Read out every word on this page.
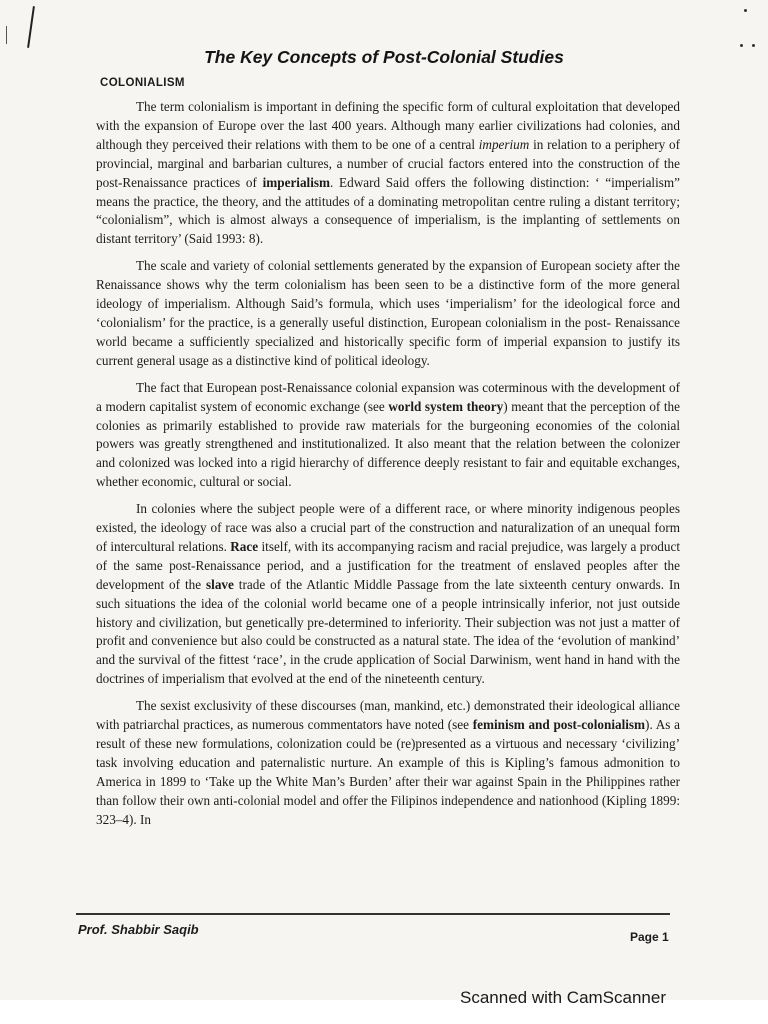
The Key Concepts of Post-Colonial Studies
COLONIALISM

The term colonialism is important in defining the specific form of cultural exploitation that developed with the expansion of Europe over the last 400 years. Although many earlier civilizations had colonies, and although they perceived their relations with them to be one of a central imperium in relation to a periphery of provincial, marginal and barbarian cultures, a number of crucial factors entered into the construction of the post-Renaissance practices of imperialism. Edward Said offers the following distinction: ‘ “imperialism” means the practice, the theory, and the attitudes of a dominating metropolitan centre ruling a distant territory; “colonialism”, which is almost always a consequence of imperialism, is the implanting of settlements on distant territory’ (Said 1993: 8).

The scale and variety of colonial settlements generated by the expansion of European society after the Renaissance shows why the term colonialism has been seen to be a distinctive form of the more general ideology of imperialism. Although Said’s formula, which uses ‘imperialism’ for the ideological force and ‘colonialism’ for the practice, is a generally useful distinction, European colonialism in the post- Renaissance world became a sufficiently specialized and historically specific form of imperial expansion to justify its current general usage as a distinctive kind of political ideology.

The fact that European post-Renaissance colonial expansion was coterminous with the development of a modern capitalist system of economic exchange (see world system theory) meant that the perception of the colonies as primarily established to provide raw materials for the burgeoning economies of the colonial powers was greatly strengthened and institutionalized. It also meant that the relation between the colonizer and colonized was locked into a rigid hierarchy of difference deeply resistant to fair and equitable exchanges, whether economic, cultural or social.

In colonies where the subject people were of a different race, or where minority indigenous peoples existed, the ideology of race was also a crucial part of the construction and naturalization of an unequal form of intercultural relations. Race itself, with its accompanying racism and racial prejudice, was largely a product of the same post-Renaissance period, and a justification for the treatment of enslaved peoples after the development of the slave trade of the Atlantic Middle Passage from the late sixteenth century onwards. In such situations the idea of the colonial world became one of a people intrinsically inferior, not just outside history and civilization, but genetically pre-determined to inferiority. Their subjection was not just a matter of profit and convenience but also could be constructed as a natural state. The idea of the ‘evolution of mankind’ and the survival of the fittest ‘race’, in the crude application of Social Darwinism, went hand in hand with the doctrines of imperialism that evolved at the end of the nineteenth century.

The sexist exclusivity of these discourses (man, mankind, etc.) demonstrated their ideological alliance with patriarchal practices, as numerous commentators have noted (see feminism and post-colonialism). As a result of these new formulations, colonization could be (re)presented as a virtuous and necessary ‘civilizing’ task involving education and paternalistic nurture. An example of this is Kipling’s famous admonition to America in 1899 to ‘Take up the White Man’s Burden’ after their war against Spain in the Philippines rather than follow their own anti-colonial model and offer the Filipinos independence and nationhood (Kipling 1899: 323–4). In

Prof. Shabbir Saqib	Page 1
Scanned with CamScanner
